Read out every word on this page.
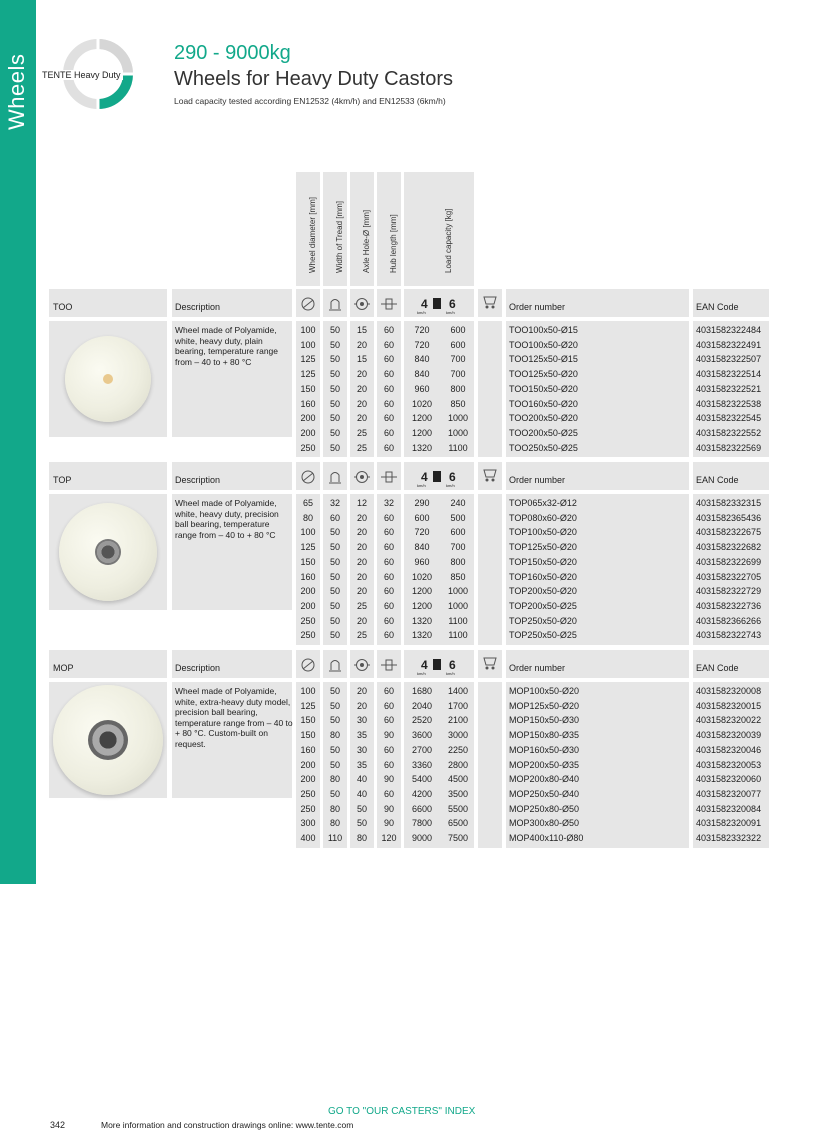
Wheels TENTE Heavy Duty
290 - 9000kg
Wheels for Heavy Duty Castors
Load capacity tested according EN12532 (4km/h) and EN12533 (6km/h)
Wheel diameter [mm] Width of Tread [mm] Axle Hole-Ø [mm] Hub length [mm]	Load capacity [kg]
TOO	Description	4 6
km/h	km/h
Order number	EAN Code
Wheel made of Polyamide, white, heavy duty, plain bearing, temperature range from – 40 to + 80 °C
100	50	15	60	720	600	TOO100x50-Ø15	4031582322484
100	50	20	60	720	600	TOO100x50-Ø20	4031582322491
125	50	15	60	840	700	TOO125x50-Ø15	4031582322507
125	50	20	60	840	700	TOO125x50-Ø20	4031582322514
150	50	20	60	960	800	TOO150x50-Ø20	4031582322521
160	50	20	60	1020	850	TOO160x50-Ø20	4031582322538
200	50	20	60	1200	1000	TOO200x50-Ø20	4031582322545
200	50	25	60	1200	1000	TOO200x50-Ø25	4031582322552
250	50	25	60	1320	1100	TOO250x50-Ø25	4031582322569
TOP	Description	4 6
km/h	km/h
Order number	EAN Code
Wheel made of Polyamide, white, heavy duty, precision ball bearing, temperature range from – 40 to + 80 °C
65	32	12	32	290	240	TOP065x32-Ø12	4031582332315
80	60	20	60	600	500	TOP080x60-Ø20	4031582365436
100	50	20	60	720	600	TOP100x50-Ø20	4031582322675
125	50	20	60	840	700	TOP125x50-Ø20	4031582322682
150	50	20	60	960	800	TOP150x50-Ø20	4031582322699
160	50	20	60	1020	850	TOP160x50-Ø20	4031582322705
200	50	20	60	1200	1000	TOP200x50-Ø20	4031582322729
200	50	25	60	1200	1000	TOP200x50-Ø25	4031582322736
250	50	20	60	1320	1100	TOP250x50-Ø20	4031582366266
250	50	25	60	1320	1100	TOP250x50-Ø25	4031582322743
MOP	Description	4 6
km/h	km/h
Order number	EAN Code
Wheel made of Polyamide, white, extra-heavy duty model, precision ball bearing, temperature range from – 40 to + 80 °C. Custom-built on request.
100	50	20	60	1680	1400	MOP100x50-Ø20	4031582320008
125	50	20	60	2040	1700	MOP125x50-Ø20	4031582320015
150	50	30	60	2520	2100	MOP150x50-Ø30	4031582320022
150	80	35	90	3600	3000	MOP150x80-Ø35	4031582320039
160	50	30	60	2700	2250	MOP160x50-Ø30	4031582320046
200	50	35	60	3360	2800	MOP200x50-Ø35	4031582320053
200	80	40	90	5400	4500	MOP200x80-Ø40	4031582320060
250	50	40	60	4200	3500	MOP250x50-Ø40	4031582320077
250	80	50	90	6600	5500	MOP250x80-Ø50	4031582320084
300	80	50	90	7800	6500	MOP300x80-Ø50	4031582320091
400	110	80	120	9000	7500	MOP400x110-Ø80	4031582332322
GO TO "OUR CASTERS" INDEX
342	More information and construction drawings online: www.tente.com
